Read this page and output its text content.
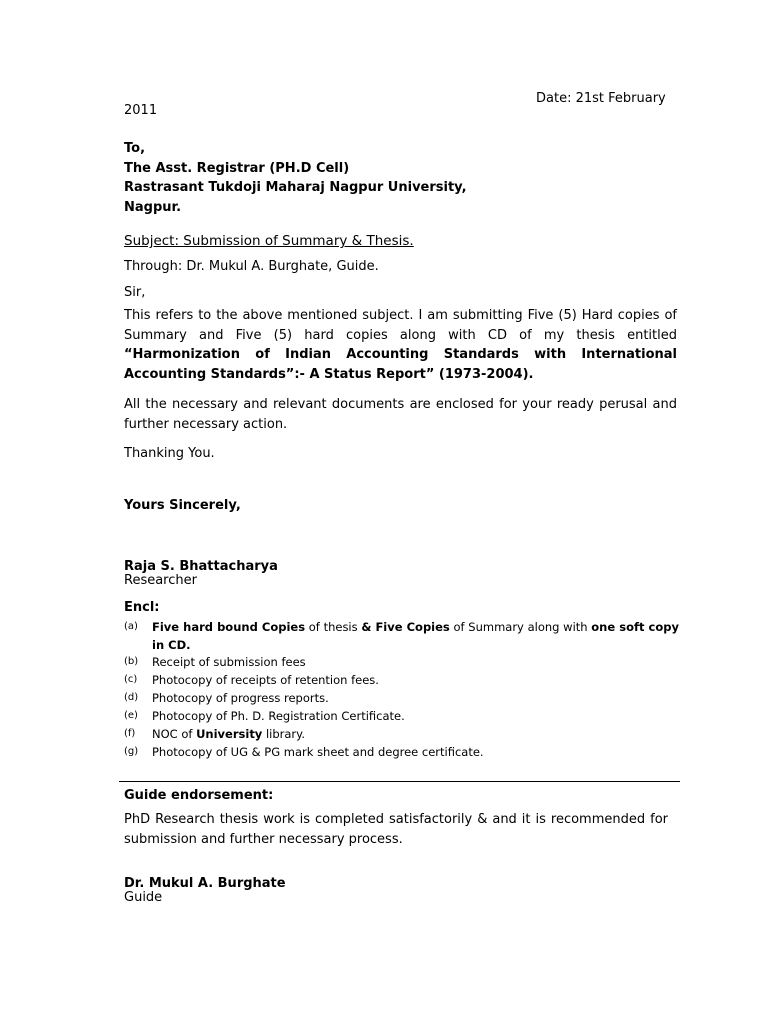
Date: 21st February

2011

To,
The Asst. Registrar (PH.D Cell)
Rastrasant Tukdoji Maharaj Nagpur University,
Nagpur.

Subject: Submission of Summary & Thesis.

Through: Dr. Mukul A. Burghate, Guide.

Sir,

This refers to the above mentioned subject. I am submitting Five (5) Hard copies of Summary and Five (5) hard copies along with CD of my thesis entitled “Harmonization of Indian Accounting Standards with International Accounting Standards”:- A Status Report” (1973-2004).

All the necessary and relevant documents are enclosed for your ready perusal and further necessary action.

Thanking You.

Yours Sincerely,

Raja S. Bhattacharya
Researcher

Encl:

(a) Five hard bound Copies of thesis & Five Copies of Summary along with one soft copy in CD.
(b) Receipt of submission fees
(c) Photocopy of receipts of retention fees.
(d) Photocopy of progress reports.
(e) Photocopy of Ph. D. Registration Certificate.
(f) NOC of University library.
(g) Photocopy of UG & PG mark sheet and degree certificate.

Guide endorsement:

PhD Research thesis work is completed satisfactorily & and it is recommended for submission and further necessary process.

Dr. Mukul A. Burghate
Guide
